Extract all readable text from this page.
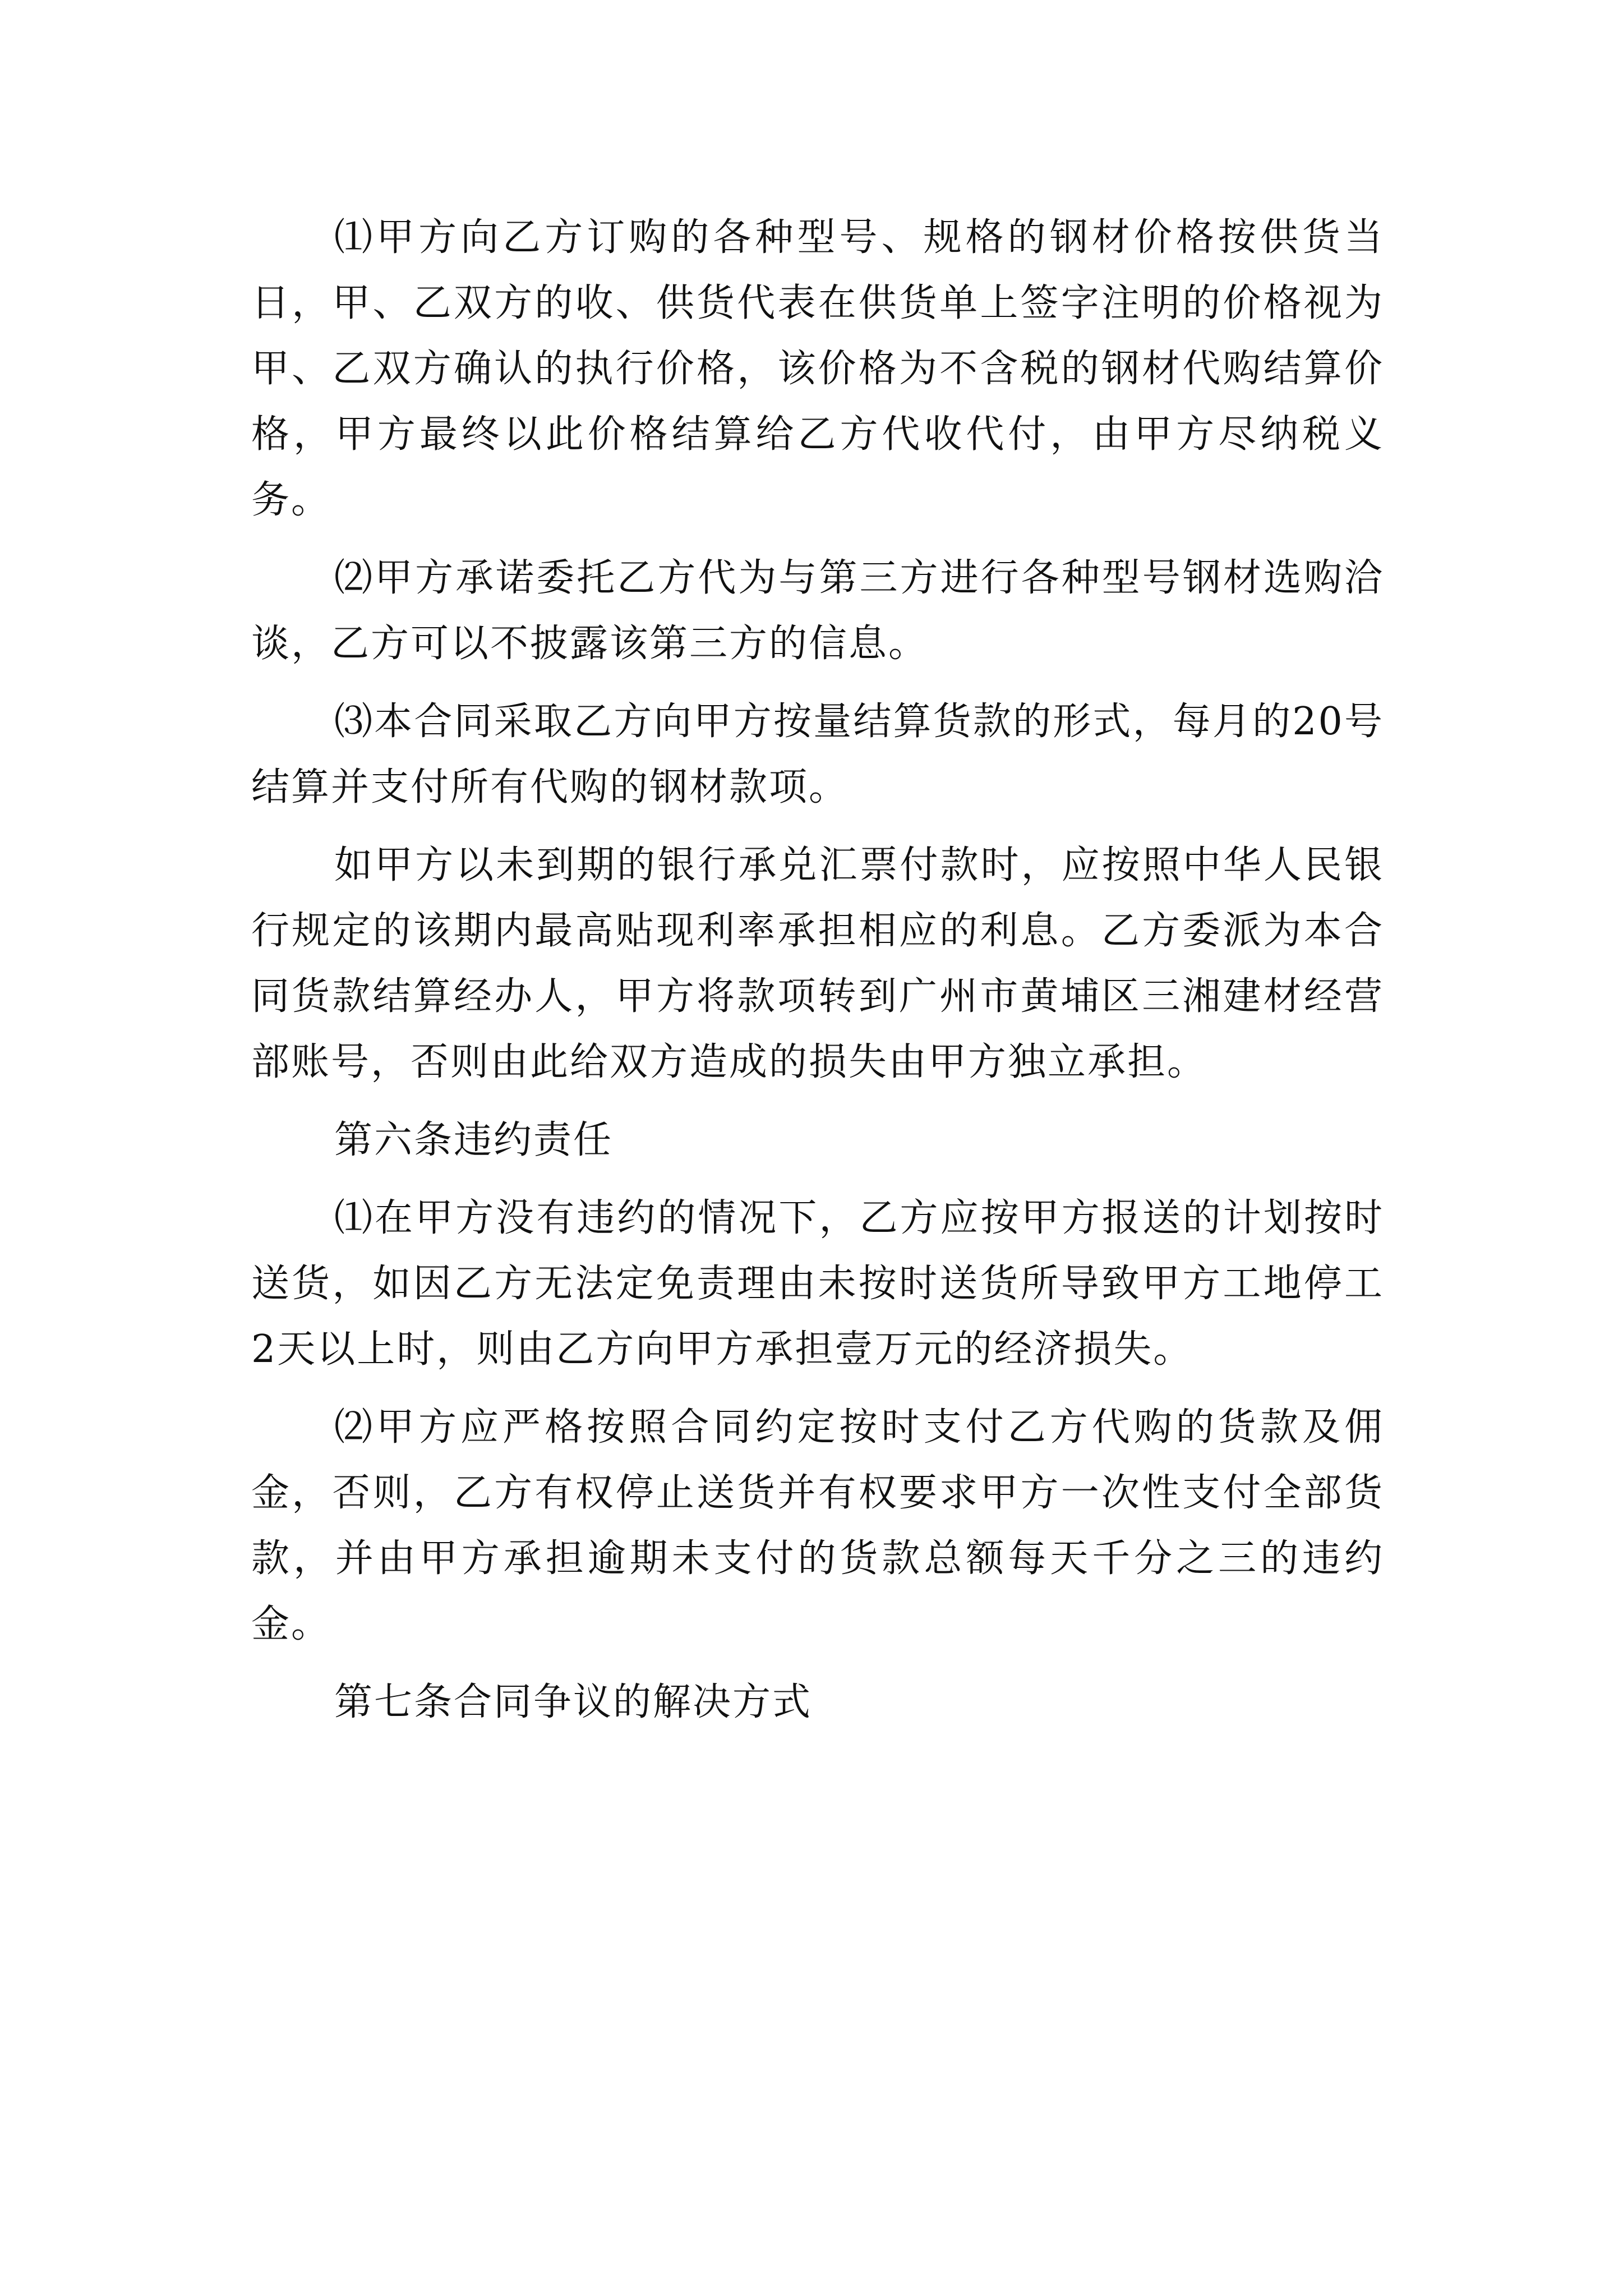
⑴甲方向乙方订购的各种型号、规格的钢材价格按供货当日，甲、乙双方的收、供货代表在供货单上签字注明的价格视为甲、乙双方确认的执行价格，该价格为不含税的钢材代购结算价格，甲方最终以此价格结算给乙方代收代付，由甲方尽纳税义务。

⑵甲方承诺委托乙方代为与第三方进行各种型号钢材选购洽谈，乙方可以不披露该第三方的信息。

⑶本合同采取乙方向甲方按量结算货款的形式，每月的20号结算并支付所有代购的钢材款项。

如甲方以未到期的银行承兑汇票付款时，应按照中华人民银行规定的该期内最高贴现利率承担相应的利息。乙方委派为本合同货款结算经办人，甲方将款项转到广州市黄埔区三湘建材经营部账号，否则由此给双方造成的损失由甲方独立承担。

第六条违约责任

⑴在甲方没有违约的情况下，乙方应按甲方报送的计划按时送货，如因乙方无法定免责理由未按时送货所导致甲方工地停工2天以上时，则由乙方向甲方承担壹万元的经济损失。

⑵甲方应严格按照合同约定按时支付乙方代购的货款及佣金，否则，乙方有权停止送货并有权要求甲方一次性支付全部货款，并由甲方承担逾期未支付的货款总额每天千分之三的违约金。

第七条合同争议的解决方式
